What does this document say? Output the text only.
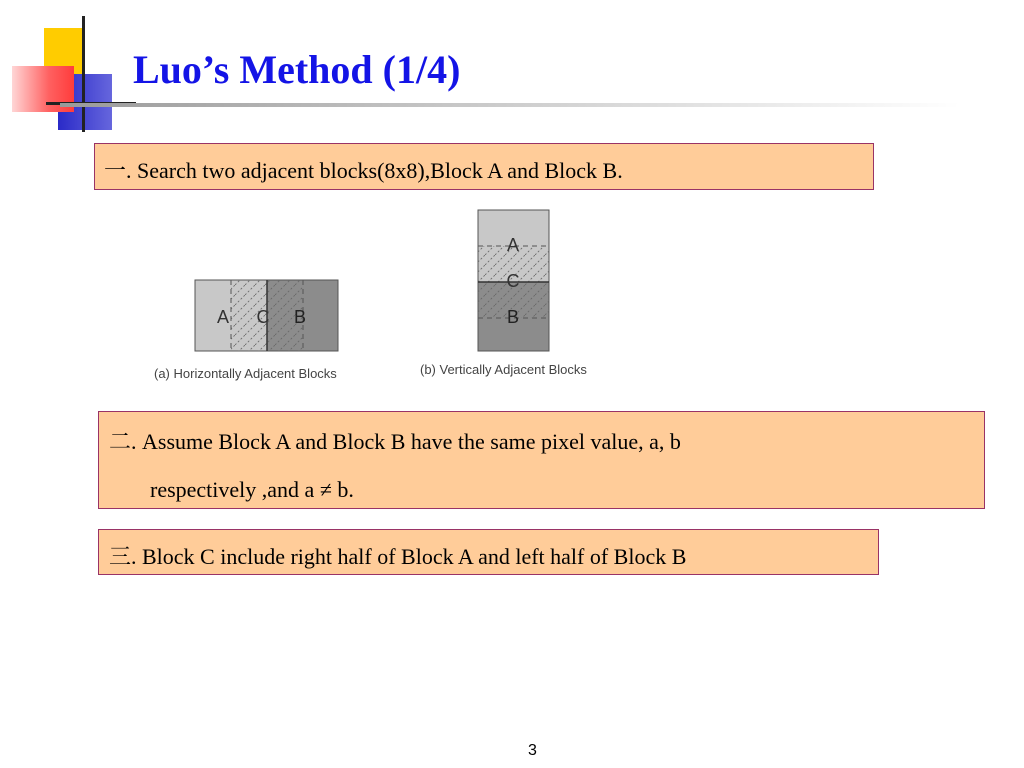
Luo’s Method (1/4)
一. Search two adjacent blocks(8x8),Block A and Block B.
A C B
(a) Horizontally Adjacent Blocks
A
C
B
(b) Vertically Adjacent Blocks
二. Assume Block A and Block B have the same pixel value, a, b
respectively ,and a ≠ b.
三. Block C include right half of Block A and left half of Block B
3
